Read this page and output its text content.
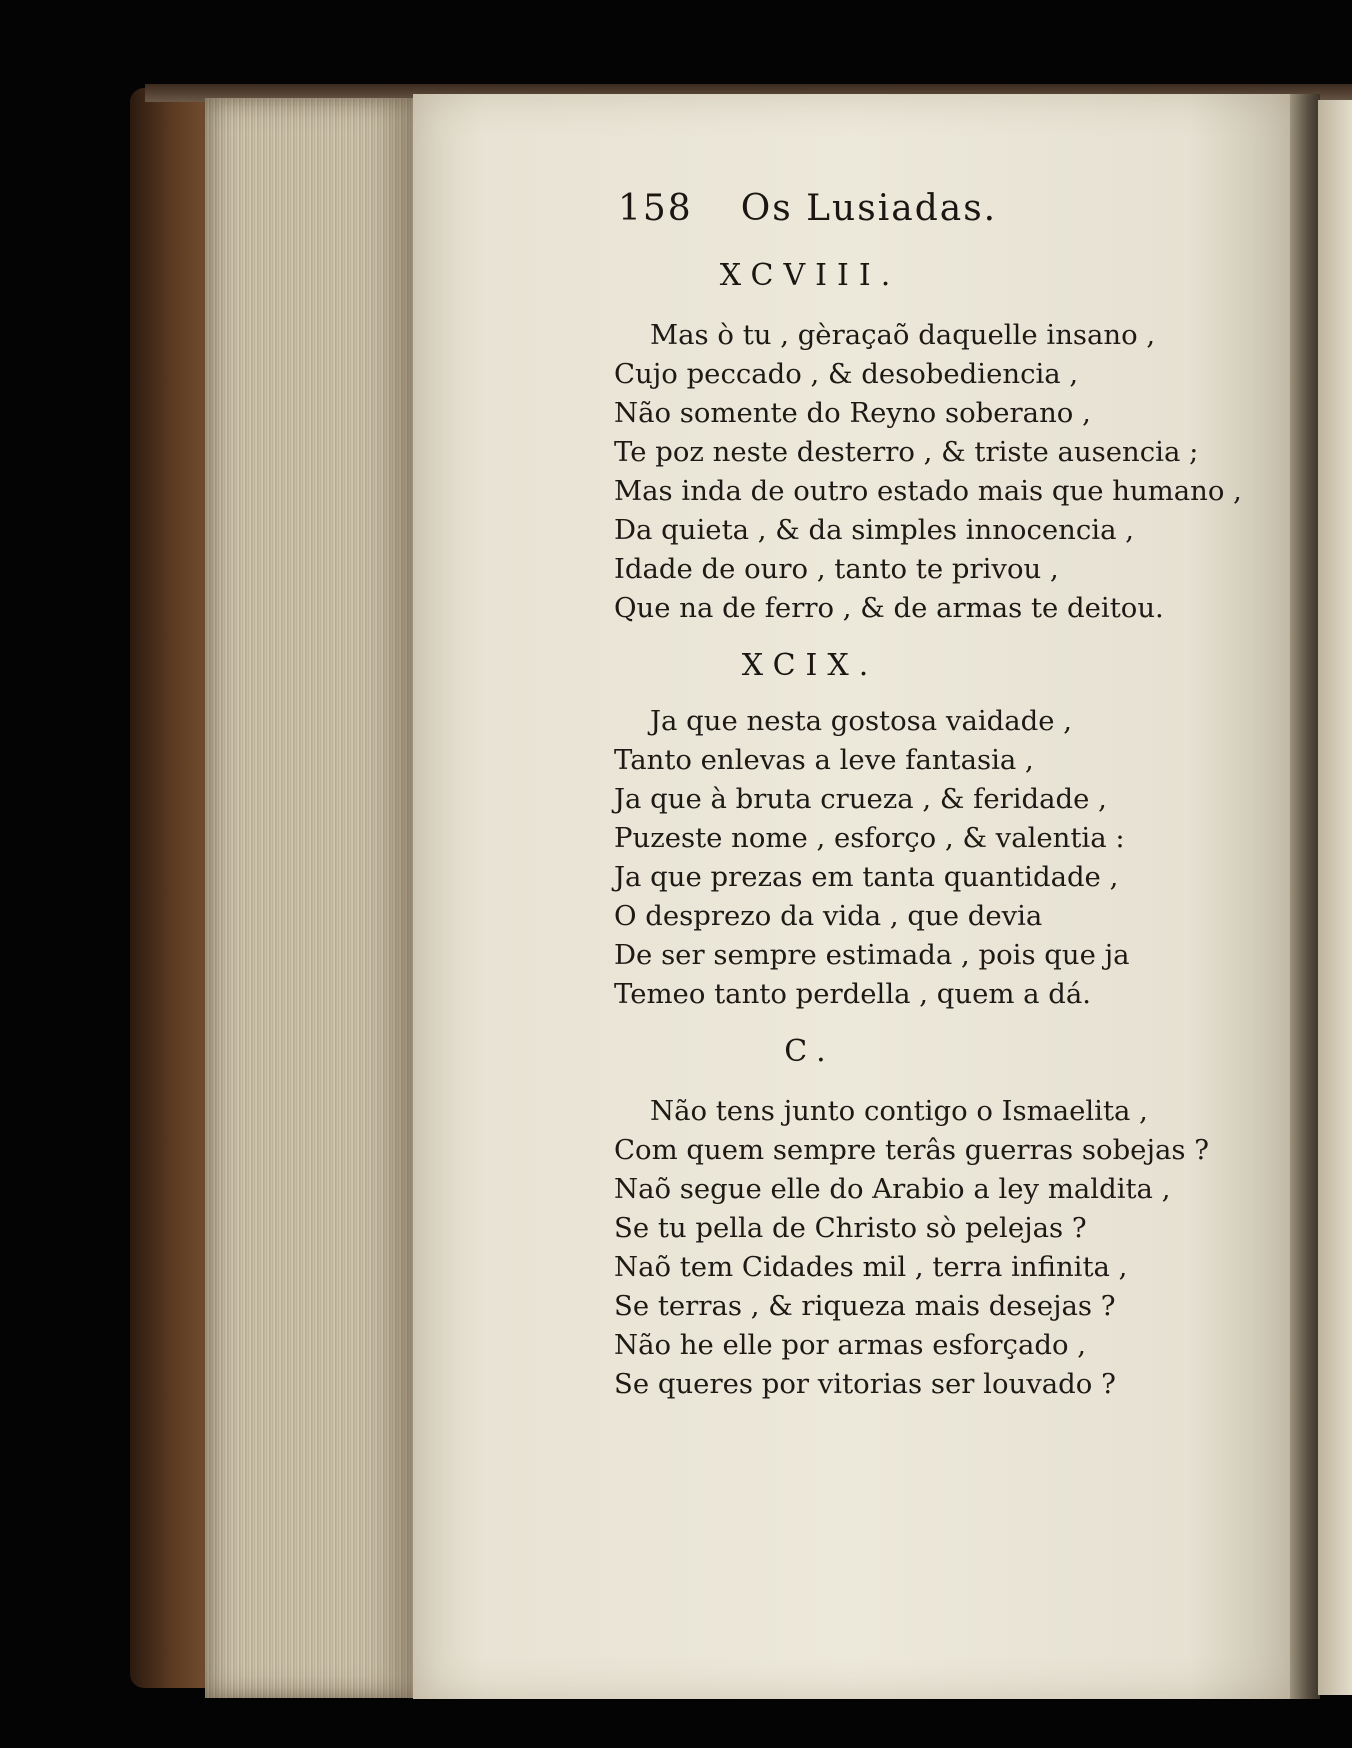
158 Os Lusiadas.
XCVIII.
Mas ò tu , gèraçaõ daquelle insano ,
Cujo peccado , & desobediencia ,
Não somente do Reyno soberano ,
Te poz neste desterro , & triste ausencia ;
Mas inda de outro estado mais que humano ,
Da quieta , & da simples innocencia ,
Idade de ouro , tanto te privou ,
Que na de ferro , & de armas te deitou.
XCIX.
Ja que nesta gostosa vaidade ,
Tanto enlevas a leve fantasia ,
Ja que à bruta crueza , & feridade ,
Puzeste nome , esforço , & valentia :
Ja que prezas em tanta quantidade ,
O desprezo da vida , que devia
De ser sempre estimada , pois que ja
Temeo tanto perdella , quem a dá.
C.
Não tens junto contigo o Ismaelita ,
Com quem sempre terâs guerras sobejas ?
Naõ segue elle do Arabio a ley maldita ,
Se tu pella de Christo sò pelejas ?
Naõ tem Cidades mil , terra infinita ,
Se terras , & riqueza mais desejas ?
Não he elle por armas esforçado ,
Se queres por vitorias ser louvado ?
